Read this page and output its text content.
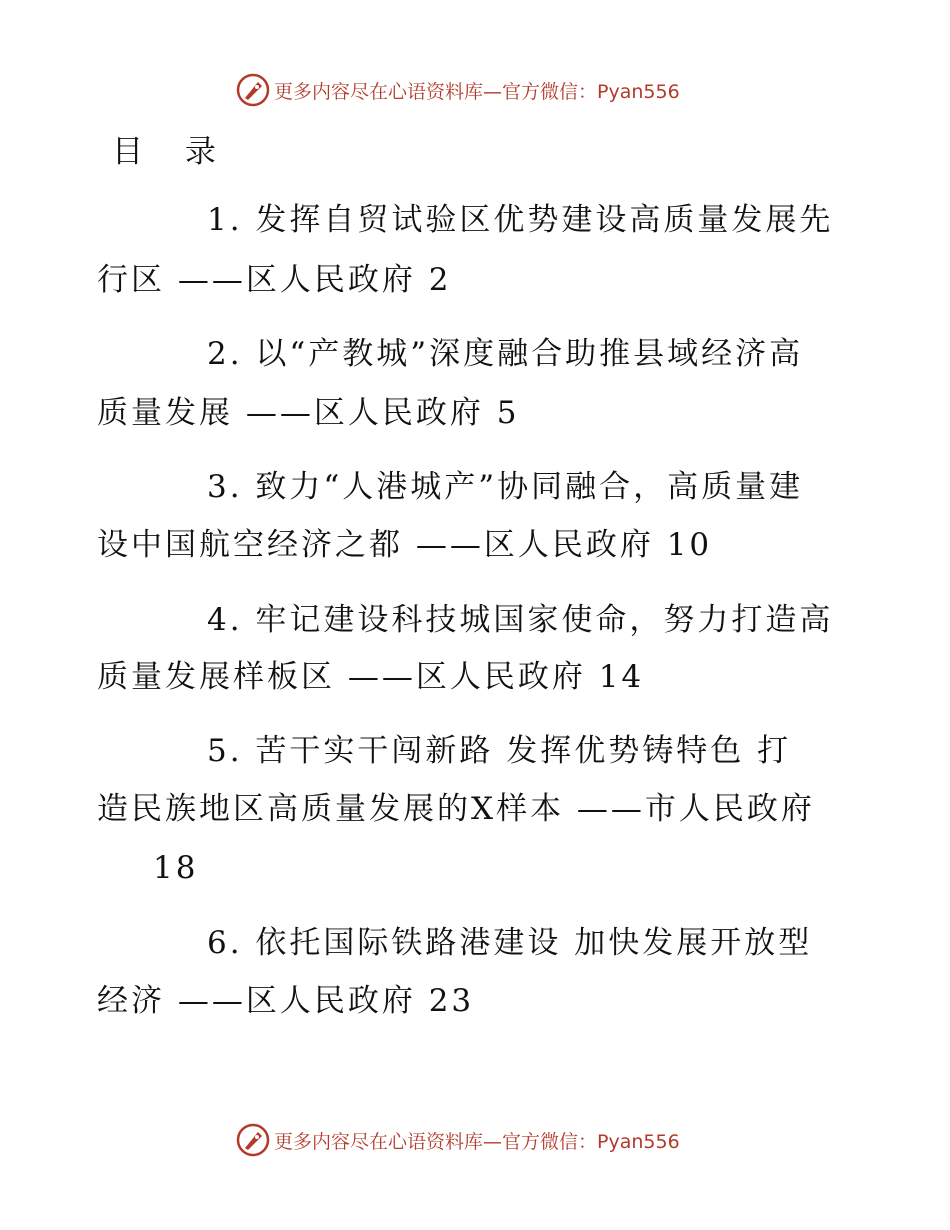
更多内容尽在心语资料库—官方微信：Pyan556
目 录
1. 发挥自贸试验区优势建设高质量发展先
行区 ——区人民政府 2
2. 以“产教城”深度融合助推县域经济高
质量发展 ——区人民政府 5
3. 致力“人港城产”协同融合，高质量建
设中国航空经济之都 ——区人民政府 10
4. 牢记建设科技城国家使命，努力打造高
质量发展样板区 ——区人民政府 14
5. 苦干实干闯新路 发挥优势铸特色 打
造民族地区高质量发展的X样本 ——市人民政府
18
6. 依托国际铁路港建设 加快发展开放型
经济 ——区人民政府 23
更多内容尽在心语资料库—官方微信：Pyan556
